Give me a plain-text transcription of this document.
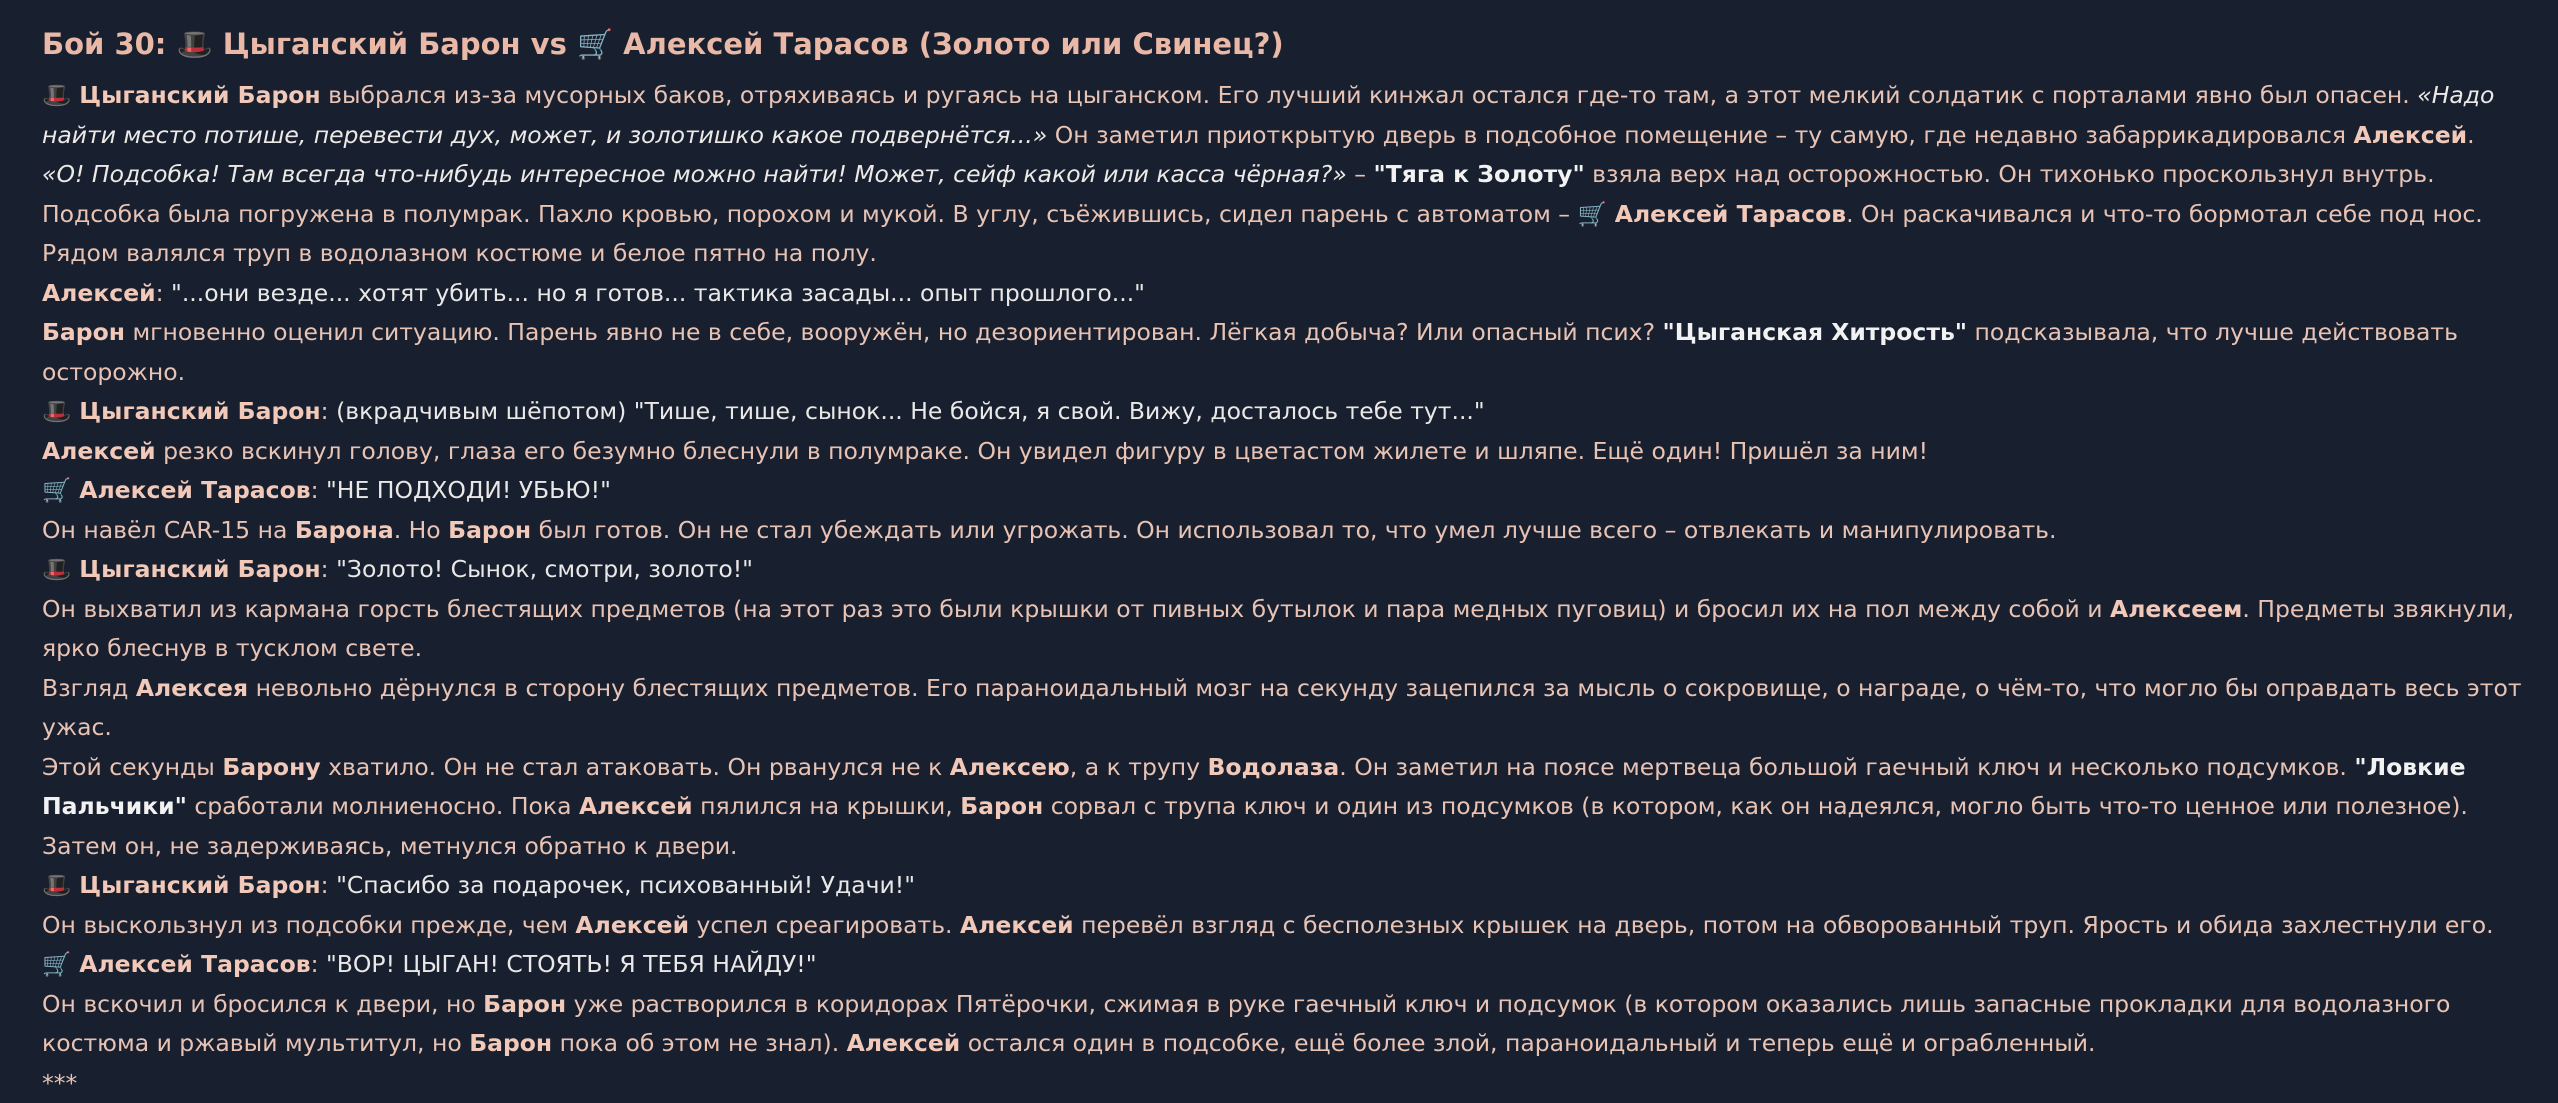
Бой 30: 🎩 Цыганский Барон vs 🛒 Алексей Тарасов (Золото или Свинец?)

🎩 Цыганский Барон выбрался из-за мусорных баков, отряхиваясь и ругаясь на цыганском. Его лучший кинжал остался где-то там, а этот мелкий солдатик с порталами явно был опасен. «Надо найти место потише, перевести дух, может, и золотишко какое подвернётся...» Он заметил приоткрытую дверь в подсобное помещение – ту самую, где недавно забаррикадировался Алексей.

«О! Подсобка! Там всегда что-нибудь интересное можно найти! Может, сейф какой или касса чёрная?» – "Тяга к Золоту" взяла верх над осторожностью. Он тихонько проскользнул внутрь.

Подсобка была погружена в полумрак. Пахло кровью, порохом и мукой. В углу, съёжившись, сидел парень с автоматом – 🛒 Алексей Тарасов. Он раскачивался и что-то бормотал себе под нос. Рядом валялся труп в водолазном костюме и белое пятно на полу.

Алексей: "...они везде... хотят убить... но я готов... тактика засады... опыт прошлого..."

Барон мгновенно оценил ситуацию. Парень явно не в себе, вооружён, но дезориентирован. Лёгкая добыча? Или опасный псих? "Цыганская Хитрость" подсказывала, что лучше действовать осторожно.

🎩 Цыганский Барон: (вкрадчивым шёпотом) "Тише, тише, сынок... Не бойся, я свой. Вижу, досталось тебе тут..."

Алексей резко вскинул голову, глаза его безумно блеснули в полумраке. Он увидел фигуру в цветастом жилете и шляпе. Ещё один! Пришёл за ним!

🛒 Алексей Тарасов: "НЕ ПОДХОДИ! УБЬЮ!"

Он навёл CAR-15 на Барона. Но Барон был готов. Он не стал убеждать или угрожать. Он использовал то, что умел лучше всего – отвлекать и манипулировать.

🎩 Цыганский Барон: "Золото! Сынок, смотри, золото!"

Он выхватил из кармана горсть блестящих предметов (на этот раз это были крышки от пивных бутылок и пара медных пуговиц) и бросил их на пол между собой и Алексеем. Предметы звякнули, ярко блеснув в тусклом свете.

Взгляд Алексея невольно дёрнулся в сторону блестящих предметов. Его параноидальный мозг на секунду зацепился за мысль о сокровище, о награде, о чём-то, что могло бы оправдать весь этот ужас.

Этой секунды Барону хватило. Он не стал атаковать. Он рванулся не к Алексею, а к трупу Водолаза. Он заметил на поясе мертвеца большой гаечный ключ и несколько подсумков. "Ловкие Пальчики" сработали молниеносно. Пока Алексей пялился на крышки, Барон сорвал с трупа ключ и один из подсумков (в котором, как он надеялся, могло быть что-то ценное или полезное).

Затем он, не задерживаясь, метнулся обратно к двери.

🎩 Цыганский Барон: "Спасибо за подарочек, психованный! Удачи!"

Он выскользнул из подсобки прежде, чем Алексей успел среагировать. Алексей перевёл взгляд с бесполезных крышек на дверь, потом на обворованный труп. Ярость и обида захлестнули его.

🛒 Алексей Тарасов: "ВОР! ЦЫГАН! СТОЯТЬ! Я ТЕБЯ НАЙДУ!"

Он вскочил и бросился к двери, но Барон уже растворился в коридорах Пятёрочки, сжимая в руке гаечный ключ и подсумок (в котором оказались лишь запасные прокладки для водолазного костюма и ржавый мультитул, но Барон пока об этом не знал). Алексей остался один в подсобке, ещё более злой, параноидальный и теперь ещё и ограбленный.

***
